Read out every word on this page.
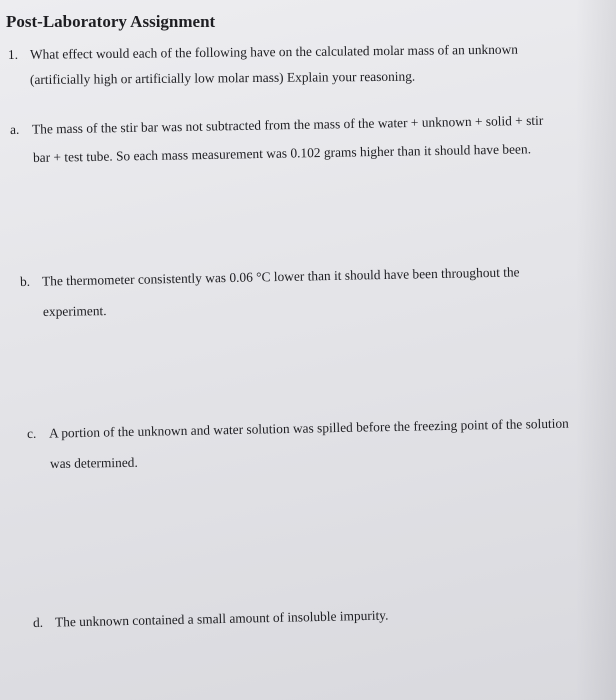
Post-Laboratory Assignment
1. What effect would each of the following have on the calculated molar mass of an unknown
(artificially high or artificially low molar mass) Explain your reasoning.
a. The mass of the stir bar was not subtracted from the mass of the water + unknown + solid + stir
bar + test tube. So each mass measurement was 0.102 grams higher than it should have been.
b. The thermometer consistently was 0.06 °C lower than it should have been throughout the
experiment.
c. A portion of the unknown and water solution was spilled before the freezing point of the solution
was determined.
d. The unknown contained a small amount of insoluble impurity.
